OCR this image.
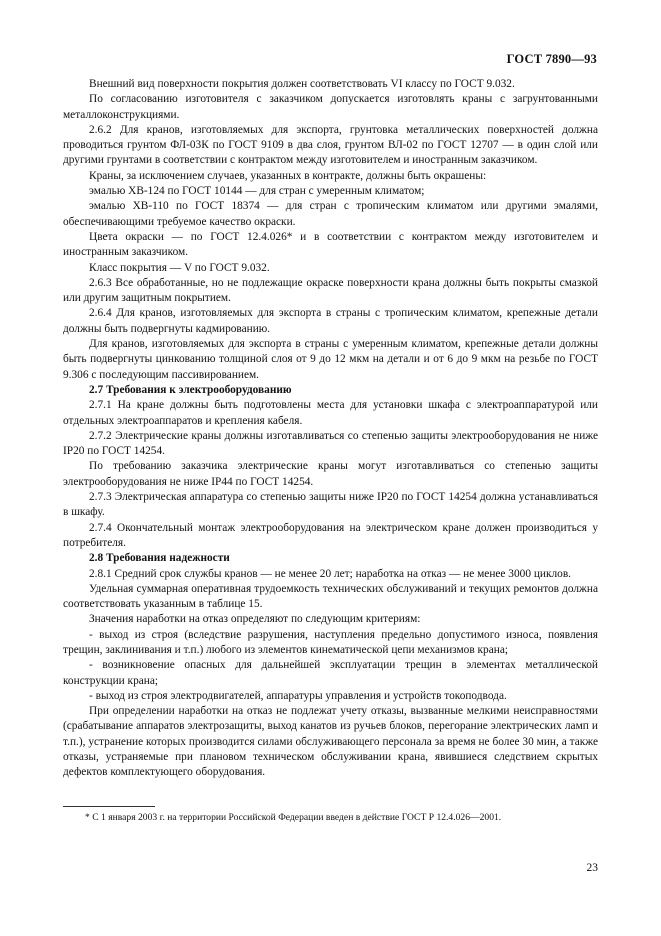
ГОСТ 7890—93

Внешний вид поверхности покрытия должен соответствовать VI классу по ГОСТ 9.032.

По согласованию изготовителя с заказчиком допускается изготовлять краны с загрунтованными металлоконструкциями.

2.6.2 Для кранов, изготовляемых для экспорта, грунтовка металлических поверхностей должна проводиться грунтом ФЛ-03К по ГОСТ 9109 в два слоя, грунтом ВЛ-02 по ГОСТ 12707 — в один слой или другими грунтами в соответствии с контрактом между изготовителем и иностранным заказчиком.

Краны, за исключением случаев, указанных в контракте, должны быть окрашены:

эмалью ХВ-124 по ГОСТ 10144 — для стран с умеренным климатом;

эмалью ХВ-110 по ГОСТ 18374 — для стран с тропическим климатом или другими эмалями, обеспечивающими требуемое качество окраски.

Цвета окраски — по ГОСТ 12.4.026* и в соответствии с контрактом между изготовителем и иностранным заказчиком.

Класс покрытия — V по ГОСТ 9.032.

2.6.3 Все обработанные, но не подлежащие окраске поверхности крана должны быть покрыты смазкой или другим защитным покрытием.

2.6.4 Для кранов, изготовляемых для экспорта в страны с тропическим климатом, крепежные детали должны быть подвергнуты кадмированию.

Для кранов, изготовляемых для экспорта в страны с умеренным климатом, крепежные детали должны быть подвергнуты цинкованию толщиной слоя от 9 до 12 мкм на детали и от 6 до 9 мкм на резьбе по ГОСТ 9.306 с последующим пассивированием.

2.7 Требования к электрооборудованию

2.7.1 На кране должны быть подготовлены места для установки шкафа с электроаппаратурой или отдельных электроаппаратов и крепления кабеля.

2.7.2 Электрические краны должны изготавливаться со степенью защиты электрооборудования не ниже IP20 по ГОСТ 14254.

По требованию заказчика электрические краны могут изготавливаться со степенью защиты электрооборудования не ниже IP44 по ГОСТ 14254.

2.7.3 Электрическая аппаратура со степенью защиты ниже IP20 по ГОСТ 14254 должна устанавливаться в шкафу.

2.7.4 Окончательный монтаж электрооборудования на электрическом кране должен производиться у потребителя.

2.8 Требования надежности

2.8.1 Средний срок службы кранов — не менее 20 лет; наработка на отказ — не менее 3000 циклов.

Удельная суммарная оперативная трудоемкость технических обслуживаний и текущих ремонтов должна соответствовать указанным в таблице 15.

Значения наработки на отказ определяют по следующим критериям:

- выход из строя (вследствие разрушения, наступления предельно допустимого износа, появления трещин, заклинивания и т.п.) любого из элементов кинематической цепи механизмов крана;

- возникновение опасных для дальнейшей эксплуатации трещин в элементах металлической конструкции крана;

- выход из строя электродвигателей, аппаратуры управления и устройств токоподвода.

При определении наработки на отказ не подлежат учету отказы, вызванные мелкими неисправностями (срабатывание аппаратов электрозащиты, выход канатов из ручьев блоков, перегорание электрических ламп и т.п.), устранение которых производится силами обслуживающего персонала за время не более 30 мин, а также отказы, устраняемые при плановом техническом обслуживании крана, явившиеся следствием скрытых дефектов комплектующего оборудования.

* С 1 января 2003 г. на территории Российской Федерации введен в действие ГОСТ Р 12.4.026—2001.
23
